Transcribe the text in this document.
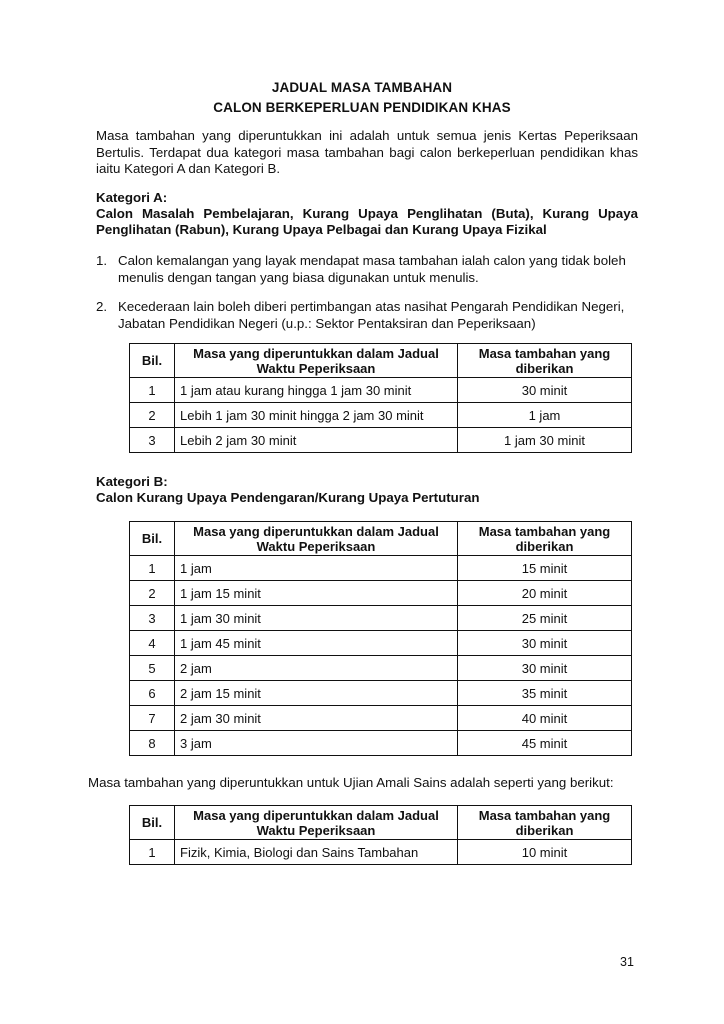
JADUAL MASA TAMBAHAN
CALON BERKEPERLUAN PENDIDIKAN KHAS
Masa tambahan yang diperuntukkan ini adalah untuk semua jenis Kertas Peperiksaan Bertulis. Terdapat dua kategori masa tambahan bagi calon berkeperluan pendidikan khas iaitu Kategori A dan Kategori B.
Kategori A:
Calon Masalah Pembelajaran, Kurang Upaya Penglihatan (Buta), Kurang Upaya Penglihatan (Rabun), Kurang Upaya Pelbagai dan Kurang Upaya Fizikal
1. Calon kemalangan yang layak mendapat masa tambahan ialah calon yang tidak boleh menulis dengan tangan yang biasa digunakan untuk menulis.
2. Kecederaan lain boleh diberi pertimbangan atas nasihat Pengarah Pendidikan Negeri, Jabatan Pendidikan Negeri (u.p.: Sektor Pentaksiran dan Peperiksaan)
Bil.	Masa yang diperuntukkan dalam Jadual Waktu Peperiksaan	Masa tambahan yang diberikan
1	1 jam atau kurang hingga 1 jam 30 minit	30 minit
2	Lebih 1 jam 30 minit hingga 2 jam 30 minit	1 jam
3	Lebih 2 jam 30 minit	1 jam 30 minit
Kategori B:
Calon Kurang Upaya Pendengaran/Kurang Upaya Pertuturan
Bil.	Masa yang diperuntukkan dalam Jadual Waktu Peperiksaan	Masa tambahan yang diberikan
1	1 jam	15 minit
2	1 jam 15 minit	20 minit
3	1 jam 30 minit	25 minit
4	1 jam 45 minit	30 minit
5	2 jam	30 minit
6	2 jam 15 minit	35 minit
7	2 jam 30 minit	40 minit
8	3 jam	45 minit
Masa tambahan yang diperuntukkan untuk Ujian Amali Sains adalah seperti yang berikut:
Bil.	Masa yang diperuntukkan dalam Jadual Waktu Peperiksaan	Masa tambahan yang diberikan
1	Fizik, Kimia, Biologi dan Sains Tambahan	10 minit
31
